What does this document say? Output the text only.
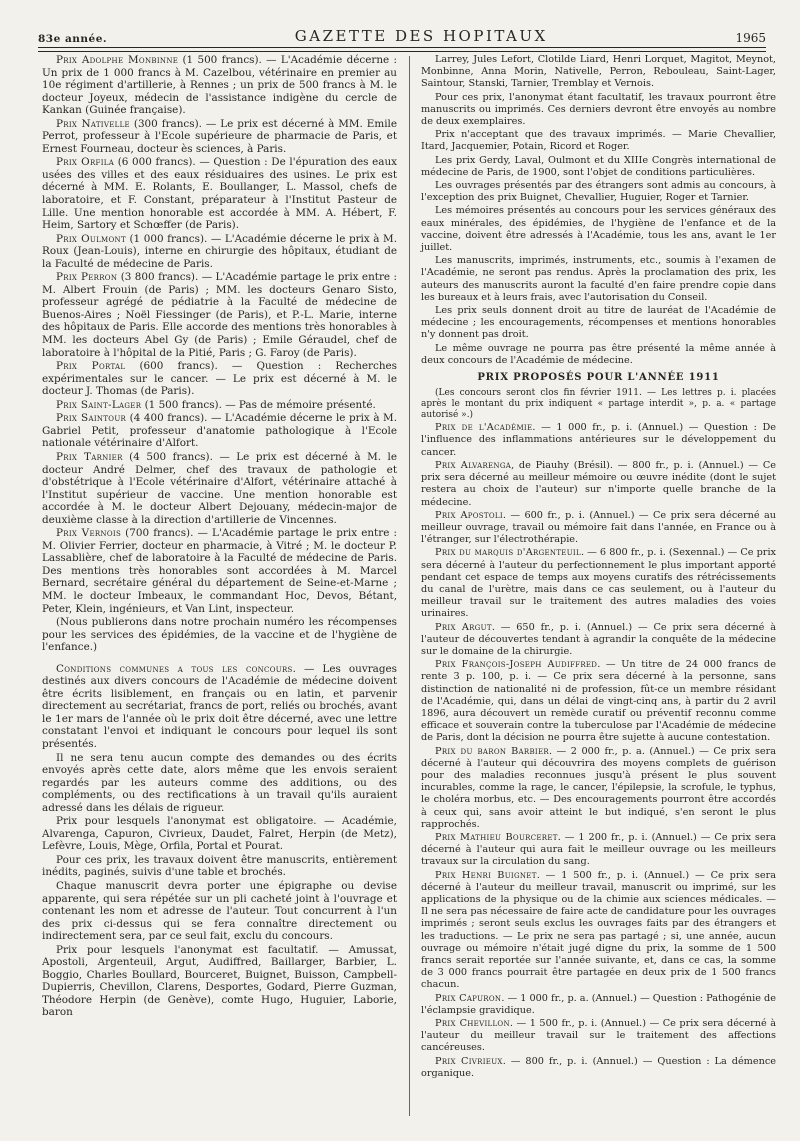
83e année.	GAZETTE DES HOPITAUX	1965

Prix Adolphe Monbinne (1 500 francs). — L'Académie décerne : Un prix de 1 000 francs à M. Cazelbou, vétérinaire en premier au 10e régiment d'artillerie, à Rennes ; un prix de 500 francs à M. le docteur Joyeux, médecin de l'assistance indigène du cercle de Kankan (Guinée française).

Prix Nativelle (300 francs). — Le prix est décerné à MM. Emile Perrot, professeur à l'Ecole supérieure de pharmacie de Paris, et Ernest Fourneau, docteur ès sciences, à Paris.

Prix Orfila (6 000 francs). — Question : De l'épuration des eaux usées des villes et des eaux résiduaires des usines. Le prix est décerné à MM. E. Rolants, E. Boullanger, L. Massol, chefs de laboratoire, et F. Constant, préparateur à l'Institut Pasteur de Lille. Une mention honorable est accordée à MM. A. Hébert, F. Heim, Sartory et Schœffer (de Paris).

Prix Oulmont (1 000 francs). — L'Académie décerne le prix à M. Roux (Jean-Louis), interne en chirurgie des hôpitaux, étudiant de la Faculté de médecine de Paris.

Prix Perron (3 800 francs). — L'Académie partage le prix entre : M. Albert Frouin (de Paris) ; MM. les docteurs Genaro Sisto, professeur agrégé de pédiatrie à la Faculté de médecine de Buenos-Aires ; Noël Fiessinger (de Paris), et P.-L. Marie, interne des hôpitaux de Paris. Elle accorde des mentions très honorables à MM. les docteurs Abel Gy (de Paris) ; Emile Géraudel, chef de laboratoire à l'hôpital de la Pitié, Paris ; G. Faroy (de Paris).

Prix Portal (600 francs). — Question : Recherches expérimentales sur le cancer. — Le prix est décerné à M. le docteur J. Thomas (de Paris).

Prix Saint-Lager (1 500 francs). — Pas de mémoire présenté.

Prix Saintour (4 400 francs). — L'Académie décerne le prix à M. Gabriel Petit, professeur d'anatomie pathologique à l'Ecole nationale vétérinaire d'Alfort.

Prix Tarnier (4 500 francs). — Le prix est décerné à M. le docteur André Delmer, chef des travaux de pathologie et d'obstétrique à l'Ecole vétérinaire d'Alfort, vétérinaire attaché à l'Institut supérieur de vaccine. Une mention honorable est accordée à M. le docteur Albert Dejouany, médecin-major de deuxième classe à la direction d'artillerie de Vincennes.

Prix Vernois (700 francs). — L'Académie partage le prix entre : M. Olivier Ferrier, docteur en pharmacie, à Vitré ; M. le docteur P. Lassablière, chef de laboratoire à la Faculté de médecine de Paris. Des mentions très honorables sont accordées à M. Marcel Bernard, secrétaire général du département de Seine-et-Marne ; MM. le docteur Imbeaux, le commandant Hoc, Devos, Bétant, Peter, Klein, ingénieurs, et Van Lint, inspecteur.

(Nous publierons dans notre prochain numéro les récompenses pour les services des épidémies, de la vaccine et de l'hygiène de l'enfance.)

Conditions communes a tous les concours. — Les ouvrages destinés aux divers concours de l'Académie de médecine doivent être écrits lisiblement, en français ou en latin, et parvenir directement au secrétariat, francs de port, reliés ou brochés, avant le 1er mars de l'année où le prix doit être décerné, avec une lettre constatant l'envoi et indiquant le concours pour lequel ils sont présentés.

Il ne sera tenu aucun compte des demandes ou des écrits envoyés après cette date, alors même que les envois seraient regardés par les auteurs comme des additions, ou des compléments, ou des rectifications à un travail qu'ils auraient adressé dans les délais de rigueur.

Prix pour lesquels l'anonymat est obligatoire. — Académie, Alvarenga, Capuron, Civrieux, Daudet, Falret, Herpin (de Metz), Lefèvre, Louis, Mège, Orfila, Portal et Pourat.

Pour ces prix, les travaux doivent être manuscrits, entièrement inédits, paginés, suivis d'une table et brochés.

Chaque manuscrit devra porter une épigraphe ou devise apparente, qui sera répétée sur un pli cacheté joint à l'ouvrage et contenant les nom et adresse de l'auteur. Tout concurrent à l'un des prix ci-dessus qui se fera connaître directement ou indirectement sera, par ce seul fait, exclu du concours.

Prix pour lesquels l'anonymat est facultatif. — Amussat, Apostoli, Argenteuil, Argut, Audiffred, Baillarger, Barbier, L. Boggio, Charles Boullard, Bourceret, Buignet, Buisson, Campbell-Dupierris, Chevillon, Clarens, Desportes, Godard, Pierre Guzman, Théodore Herpin (de Genève), comte Hugo, Huguier, Laborie, baron

Larrey, Jules Lefort, Clotilde Liard, Henri Lorquet, Magitot, Meynot, Monbinne, Anna Morin, Nativelle, Perron, Rebouleau, Saint-Lager, Saintour, Stanski, Tarnier, Tremblay et Vernois.

Pour ces prix, l'anonymat étant facultatif, les travaux pourront être manuscrits ou imprimés. Ces derniers devront être envoyés au nombre de deux exemplaires.

Prix n'acceptant que des travaux imprimés. — Marie Chevallier, Itard, Jacquemier, Potain, Ricord et Roger.

Les prix Gerdy, Laval, Oulmont et du XIIIe Congrès international de médecine de Paris, de 1900, sont l'objet de conditions particulières.

Les ouvrages présentés par des étrangers sont admis au concours, à l'exception des prix Buignet, Chevallier, Huguier, Roger et Tarnier.

Les mémoires présentés au concours pour les services généraux des eaux minérales, des épidémies, de l'hygiène de l'enfance et de la vaccine, doivent être adressés à l'Académie, tous les ans, avant le 1er juillet.

Les manuscrits, imprimés, instruments, etc., soumis à l'examen de l'Académie, ne seront pas rendus. Après la proclamation des prix, les auteurs des manuscrits auront la faculté d'en faire prendre copie dans les bureaux et à leurs frais, avec l'autorisation du Conseil.

Les prix seuls donnent droit au titre de lauréat de l'Académie de médecine ; les encouragements, récompenses et mentions honorables n'y donnent pas droit.

Le même ouvrage ne pourra pas être présenté la même année à deux concours de l'Académie de médecine.

PRIX PROPOSÉS POUR L'ANNÉE 1911

(Les concours seront clos fin février 1911. — Les lettres p. i. placées après le montant du prix indiquent « partage interdit », p. a. « partage autorisé ».)

Prix de l'Académie. — 1 000 fr., p. i. (Annuel.) — Question : De l'influence des inflammations antérieures sur le développement du cancer.

Prix Alvarenga, de Piauhy (Brésil). — 800 fr., p. i. (Annuel.) — Ce prix sera décerné au meilleur mémoire ou œuvre inédite (dont le sujet restera au choix de l'auteur) sur n'importe quelle branche de la médecine.

Prix Apostoli. — 600 fr., p. i. (Annuel.) — Ce prix sera décerné au meilleur ouvrage, travail ou mémoire fait dans l'année, en France ou à l'étranger, sur l'électrothérapie.

Prix du marquis d'Argenteuil. — 6 800 fr., p. i. (Sexennal.) — Ce prix sera décerné à l'auteur du perfectionnement le plus important apporté pendant cet espace de temps aux moyens curatifs des rétrécissements du canal de l'urètre, mais dans ce cas seulement, ou à l'auteur du meilleur travail sur le traitement des autres maladies des voies urinaires.

Prix Argut. — 650 fr., p. i. (Annuel.) — Ce prix sera décerné à l'auteur de découvertes tendant à agrandir la conquête de la médecine sur le domaine de la chirurgie.

Prix François-Joseph Audiffred. — Un titre de 24 000 francs de rente 3 p. 100, p. i. — Ce prix sera décerné à la personne, sans distinction de nationalité ni de profession, fût-ce un membre résidant de l'Académie, qui, dans un délai de vingt-cinq ans, à partir du 2 avril 1896, aura découvert un remède curatif ou préventif reconnu comme efficace et souverain contre la tuberculose par l'Académie de médecine de Paris, dont la décision ne pourra être sujette à aucune contestation.

Prix du baron Barbier. — 2 000 fr., p. a. (Annuel.) — Ce prix sera décerné à l'auteur qui découvrira des moyens complets de guérison pour des maladies reconnues jusqu'à présent le plus souvent incurables, comme la rage, le cancer, l'épilepsie, la scrofule, le typhus, le choléra morbus, etc. — Des encouragements pourront être accordés à ceux qui, sans avoir atteint le but indiqué, s'en seront le plus rapprochés.

Prix Mathieu Bourceret. — 1 200 fr., p. i. (Annuel.) — Ce prix sera décerné à l'auteur qui aura fait le meilleur ouvrage ou les meilleurs travaux sur la circulation du sang.

Prix Henri Buignet. — 1 500 fr., p. i. (Annuel.) — Ce prix sera décerné à l'auteur du meilleur travail, manuscrit ou imprimé, sur les applications de la physique ou de la chimie aux sciences médicales. — Il ne sera pas nécessaire de faire acte de candidature pour les ouvrages imprimés ; seront seuls exclus les ouvrages faits par des étrangers et les traductions. — Le prix ne sera pas partagé ; si, une année, aucun ouvrage ou mémoire n'était jugé digne du prix, la somme de 1 500 francs serait reportée sur l'année suivante, et, dans ce cas, la somme de 3 000 francs pourrait être partagée en deux prix de 1 500 francs chacun.

Prix Capuron. — 1 000 fr., p. a. (Annuel.) — Question : Pathogénie de l'éclampsie gravidique.

Prix Chevillon. — 1 500 fr., p. i. (Annuel.) — Ce prix sera décerné à l'auteur du meilleur travail sur le traitement des affections cancéreuses.

Prix Civrieux. — 800 fr., p. i. (Annuel.) — Question : La démence organique.
